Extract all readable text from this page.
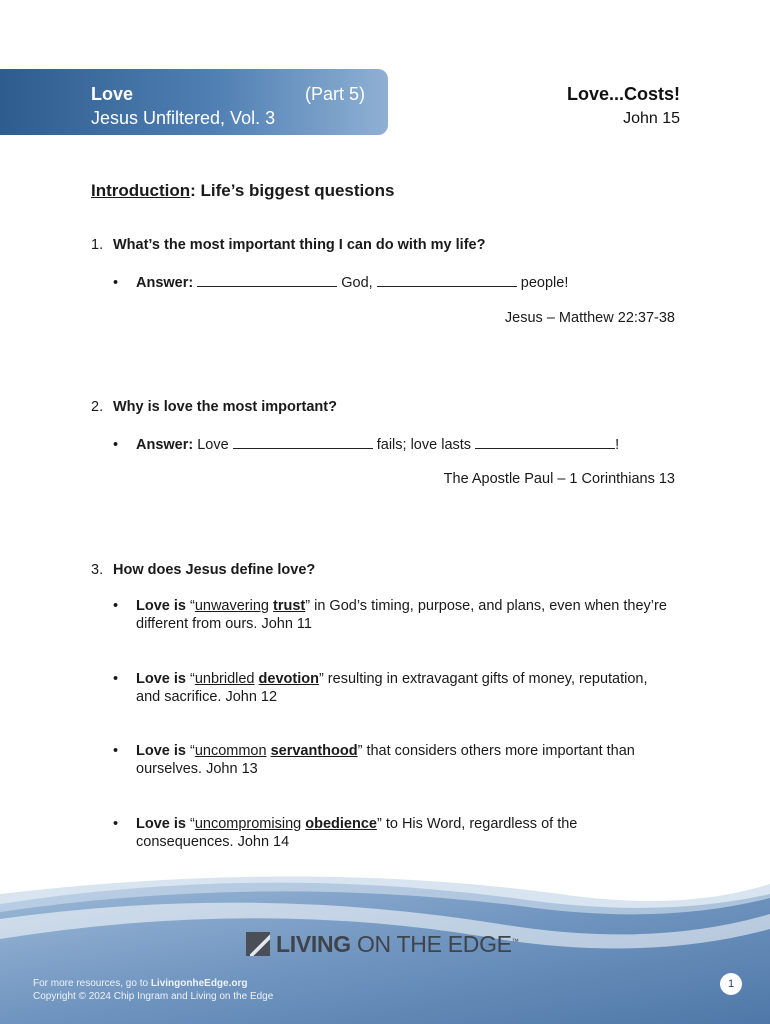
Love	(Part 5)
Jesus Unfiltered, Vol. 3
Love...Costs!
John 15
Introduction: Life’s biggest questions
1. What’s the most important thing I can do with my life?
• Answer:	God,	people!
Jesus – Matthew 22:37-38
2. Why is love the most important?
• Answer: Love	fails; love lasts	!
The Apostle Paul – 1 Corinthians 13
3. How does Jesus define love?
• Love is “unwavering trust” in God’s timing, purpose, and plans, even when they’re different from ours. John 11
• Love is “unbridled devotion” resulting in extravagant gifts of money, reputation, and sacrifice. John 12
• Love is “uncommon servanthood” that considers others more important than ourselves. John 13
• Love is “uncompromising obedience” to His Word, regardless of the consequences. John 14
LIVING ON THE EDGE™
For more resources, go to LivingonheEdge.org
Copyright © 2024 Chip Ingram and Living on the Edge
1
